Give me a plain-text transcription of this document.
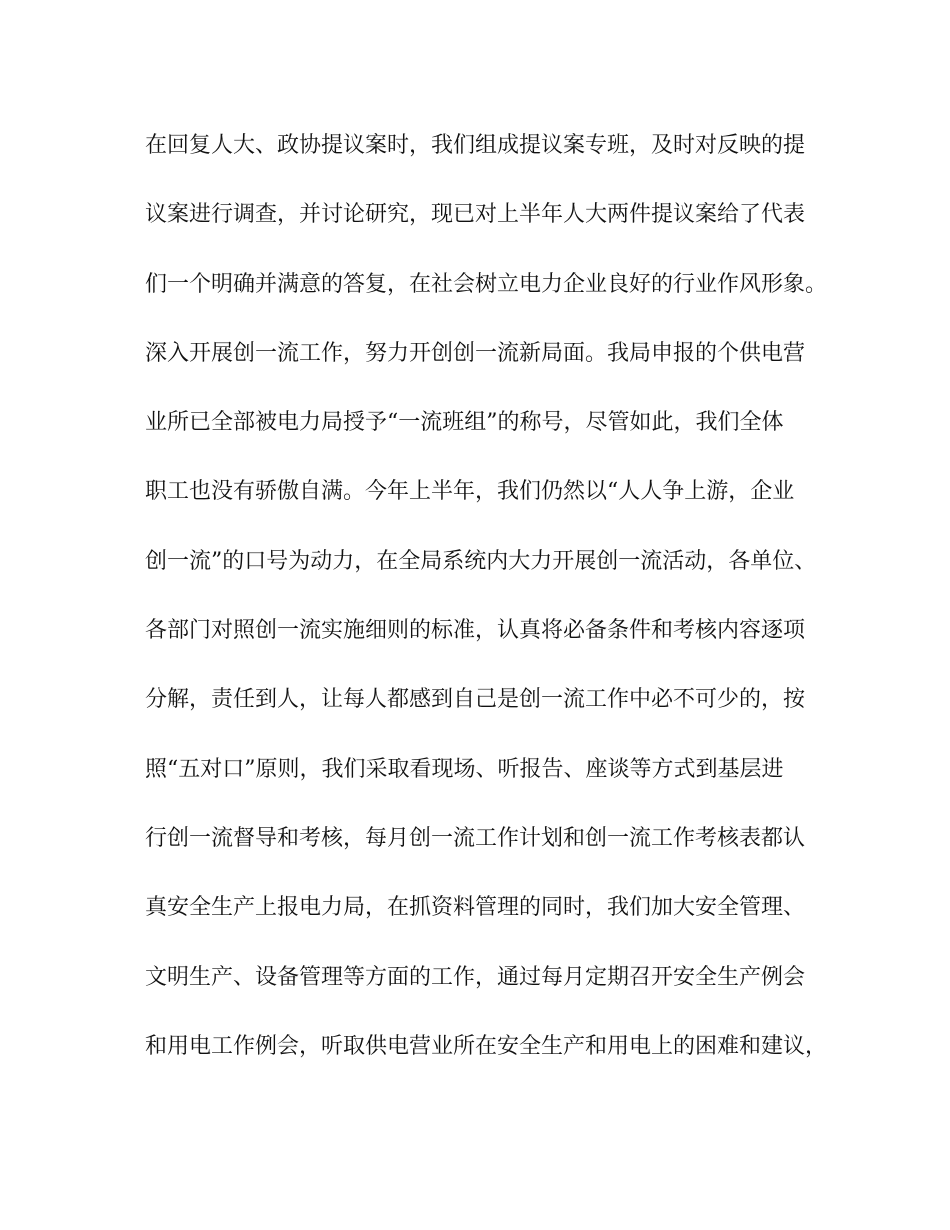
在回复人大、政协提议案时，我们组成提议案专班，及时对反映的提
议案进行调查，并讨论研究，现已对上半年人大两件提议案给了代表
们一个明确并满意的答复，在社会树立电力企业良好的行业作风形象。
深入开展创一流工作，努力开创创一流新局面。我局申报的个供电营
业所已全部被电力局授予“一流班组”的称号，尽管如此，我们全体
职工也没有骄傲自满。今年上半年，我们仍然以“人人争上游，企业
创一流”的口号为动力，在全局系统内大力开展创一流活动，各单位、
各部门对照创一流实施细则的标准，认真将必备条件和考核内容逐项
分解，责任到人，让每人都感到自己是创一流工作中必不可少的，按
照“五对口”原则，我们采取看现场、听报告、座谈等方式到基层进
行创一流督导和考核，每月创一流工作计划和创一流工作考核表都认
真安全生产上报电力局，在抓资料管理的同时，我们加大安全管理、
文明生产、设备管理等方面的工作，通过每月定期召开安全生产例会
和用电工作例会，听取供电营业所在安全生产和用电上的困难和建议，
